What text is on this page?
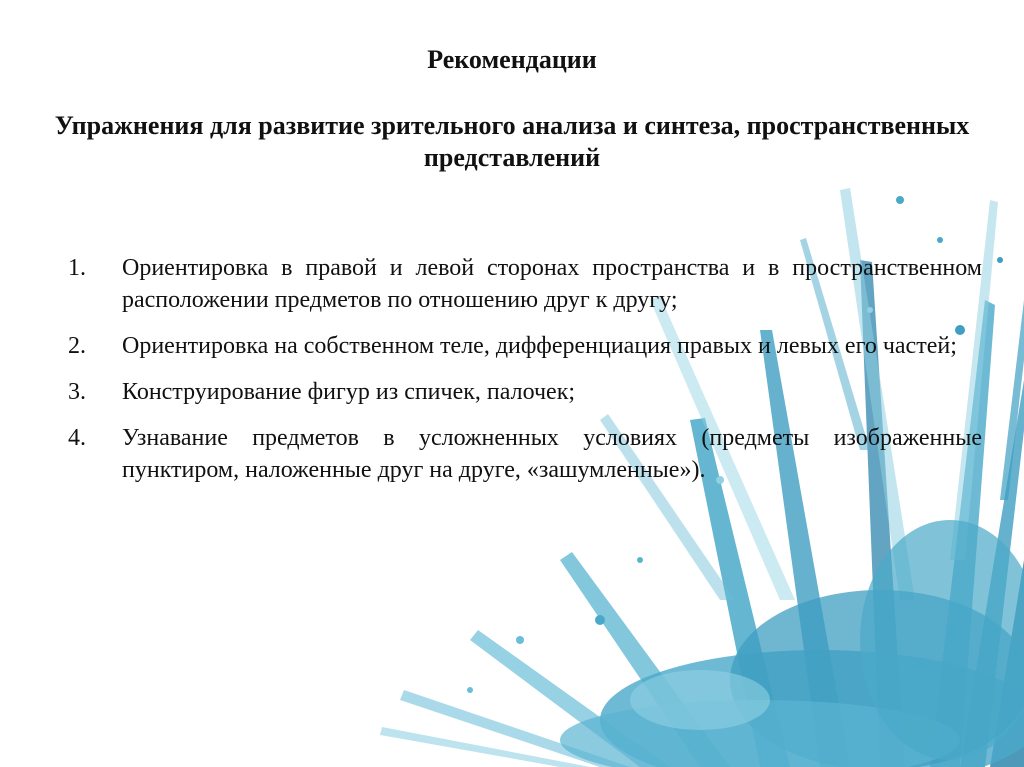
Рекомендации
Упражнения для развитие зрительного анализа и синтеза, пространственных представлений
1.	Ориентировка в правой и левой сторонах пространства и в пространственном расположении предметов по отношению друг к другу;
2.	Ориентировка на собственном теле, дифференциация правых и левых его частей;
3.	Конструирование фигур из спичек, палочек;
4.	Узнавание предметов в усложненных условиях (предметы изображенные пунктиром, наложенные друг на друге, «зашумленные»).
